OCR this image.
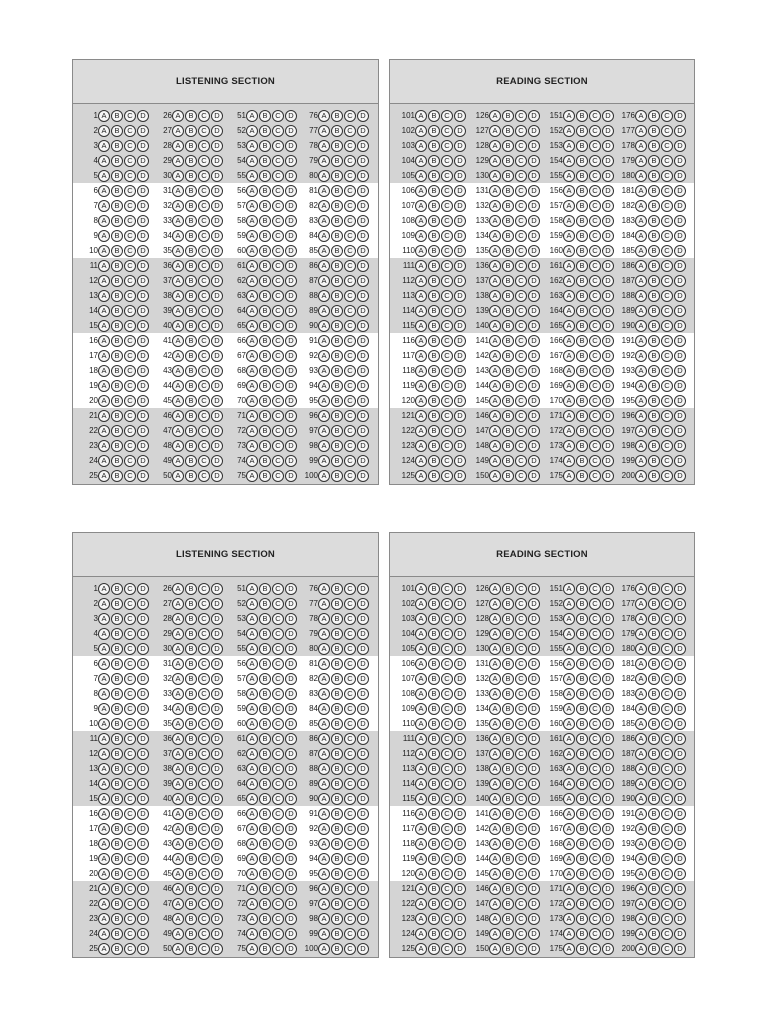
LISTENING SECTION
1 A	B	C	D
2 A	B	C	D
3 A	B	C	D
4 A	B	C	D
5 A	B	C	D
6 A	B	C	D
7 A	B	C	D
8 A	B	C	D
9 A	B	C	D
10 A	B	C	D
11 A	B	C	D
12 A	B	C	D
13 A	B	C	D
14 A	B	C	D
15 A	B	C	D
16 A	B	C	D
17 A	B	C	D
18 A	B	C	D
19 A	B	C	D
20 A	B	C	D
21 A	B	C	D
22 A	B	C	D
23 A	B	C	D
24 A	B	C	D
25 A	B	C	D
26 A	B	C	D
27 A	B	C	D
28 A	B	C	D
29 A	B	C	D
30 A	B	C	D
31 A	B	C	D
32 A	B	C	D
33 A	B	C	D
34 A	B	C	D
35 A	B	C	D
36 A	B	C	D
37 A	B	C	D
38 A	B	C	D
39 A	B	C	D
40 A	B	C	D
41 A	B	C	D
42 A	B	C	D
43 A	B	C	D
44 A	B	C	D
45 A	B	C	D
46 A	B	C	D
47 A	B	C	D
48 A	B	C	D
49 A	B	C	D
50 A	B	C	D
51 A	B	C	D
52 A	B	C	D
53 A	B	C	D
54 A	B	C	D
55 A	B	C	D
56 A	B	C	D
57 A	B	C	D
58 A	B	C	D
59 A	B	C	D
60 A	B	C	D
61 A	B	C	D
62 A	B	C	D
63 A	B	C	D
64 A	B	C	D
65 A	B	C	D
66 A	B	C	D
67 A	B	C	D
68 A	B	C	D
69 A	B	C	D
70 A	B	C	D
71 A	B	C	D
72 A	B	C	D
73 A	B	C	D
74 A	B	C	D
75 A	B	C	D
76 A	B	C	D
77 A	B	C	D
78 A	B	C	D
79 A	B	C	D
80 A	B	C	D
81 A	B	C	D
82 A	B	C	D
83 A	B	C	D
84 A	B	C	D
85 A	B	C	D
86 A	B	C	D
87 A	B	C	D
88 A	B	C	D
89 A	B	C	D
90 A	B	C	D
91 A	B	C	D
92 A	B	C	D
93 A	B	C	D
94 A	B	C	D
95 A	B	C	D
96 A	B	C	D
97 A	B	C	D
98 A	B	C	D
99 A	B	C	D
100 A	B	C	D
READING SECTION
101 A	B	C	D
102 A	B	C	D
103 A	B	C	D
104 A	B	C	D
105 A	B	C	D
106 A	B	C	D
107 A	B	C	D
108 A	B	C	D
109 A	B	C	D
110 A	B	C	D
111 A	B	C	D
112 A	B	C	D
113 A	B	C	D
114 A	B	C	D
115 A	B	C	D
116 A	B	C	D
117 A	B	C	D
118 A	B	C	D
119 A	B	C	D
120 A	B	C	D
121 A	B	C	D
122 A	B	C	D
123 A	B	C	D
124 A	B	C	D
125 A	B	C	D
126 A	B	C	D
127 A	B	C	D
128 A	B	C	D
129 A	B	C	D
130 A	B	C	D
131 A	B	C	D
132 A	B	C	D
133 A	B	C	D
134 A	B	C	D
135 A	B	C	D
136 A	B	C	D
137 A	B	C	D
138 A	B	C	D
139 A	B	C	D
140 A	B	C	D
141 A	B	C	D
142 A	B	C	D
143 A	B	C	D
144 A	B	C	D
145 A	B	C	D
146 A	B	C	D
147 A	B	C	D
148 A	B	C	D
149 A	B	C	D
150 A	B	C	D
151 A	B	C	D
152 A	B	C	D
153 A	B	C	D
154 A	B	C	D
155 A	B	C	D
156 A	B	C	D
157 A	B	C	D
158 A	B	C	D
159 A	B	C	D
160 A	B	C	D
161 A	B	C	D
162 A	B	C	D
163 A	B	C	D
164 A	B	C	D
165 A	B	C	D
166 A	B	C	D
167 A	B	C	D
168 A	B	C	D
169 A	B	C	D
170 A	B	C	D
171 A	B	C	D
172 A	B	C	D
173 A	B	C	D
174 A	B	C	D
175 A	B	C	D
176 A	B	C	D
177 A	B	C	D
178 A	B	C	D
179 A	B	C	D
180 A	B	C	D
181 A	B	C	D
182 A	B	C	D
183 A	B	C	D
184 A	B	C	D
185 A	B	C	D
186 A	B	C	D
187 A	B	C	D
188 A	B	C	D
189 A	B	C	D
190 A	B	C	D
191 A	B	C	D
192 A	B	C	D
193 A	B	C	D
194 A	B	C	D
195 A	B	C	D
196 A	B	C	D
197 A	B	C	D
198 A	B	C	D
199 A	B	C	D
200 A	B	C	D
LISTENING SECTION
1 A	B	C	D
2 A	B	C	D
3 A	B	C	D
4 A	B	C	D
5 A	B	C	D
6 A	B	C	D
7 A	B	C	D
8 A	B	C	D
9 A	B	C	D
10 A	B	C	D
11 A	B	C	D
12 A	B	C	D
13 A	B	C	D
14 A	B	C	D
15 A	B	C	D
16 A	B	C	D
17 A	B	C	D
18 A	B	C	D
19 A	B	C	D
20 A	B	C	D
21 A	B	C	D
22 A	B	C	D
23 A	B	C	D
24 A	B	C	D
25 A	B	C	D
26 A	B	C	D
27 A	B	C	D
28 A	B	C	D
29 A	B	C	D
30 A	B	C	D
31 A	B	C	D
32 A	B	C	D
33 A	B	C	D
34 A	B	C	D
35 A	B	C	D
36 A	B	C	D
37 A	B	C	D
38 A	B	C	D
39 A	B	C	D
40 A	B	C	D
41 A	B	C	D
42 A	B	C	D
43 A	B	C	D
44 A	B	C	D
45 A	B	C	D
46 A	B	C	D
47 A	B	C	D
48 A	B	C	D
49 A	B	C	D
50 A	B	C	D
51 A	B	C	D
52 A	B	C	D
53 A	B	C	D
54 A	B	C	D
55 A	B	C	D
56 A	B	C	D
57 A	B	C	D
58 A	B	C	D
59 A	B	C	D
60 A	B	C	D
61 A	B	C	D
62 A	B	C	D
63 A	B	C	D
64 A	B	C	D
65 A	B	C	D
66 A	B	C	D
67 A	B	C	D
68 A	B	C	D
69 A	B	C	D
70 A	B	C	D
71 A	B	C	D
72 A	B	C	D
73 A	B	C	D
74 A	B	C	D
75 A	B	C	D
76 A	B	C	D
77 A	B	C	D
78 A	B	C	D
79 A	B	C	D
80 A	B	C	D
81 A	B	C	D
82 A	B	C	D
83 A	B	C	D
84 A	B	C	D
85 A	B	C	D
86 A	B	C	D
87 A	B	C	D
88 A	B	C	D
89 A	B	C	D
90 A	B	C	D
91 A	B	C	D
92 A	B	C	D
93 A	B	C	D
94 A	B	C	D
95 A	B	C	D
96 A	B	C	D
97 A	B	C	D
98 A	B	C	D
99 A	B	C	D
100 A	B	C	D
READING SECTION
101 A	B	C	D
102 A	B	C	D
103 A	B	C	D
104 A	B	C	D
105 A	B	C	D
106 A	B	C	D
107 A	B	C	D
108 A	B	C	D
109 A	B	C	D
110 A	B	C	D
111 A	B	C	D
112 A	B	C	D
113 A	B	C	D
114 A	B	C	D
115 A	B	C	D
116 A	B	C	D
117 A	B	C	D
118 A	B	C	D
119 A	B	C	D
120 A	B	C	D
121 A	B	C	D
122 A	B	C	D
123 A	B	C	D
124 A	B	C	D
125 A	B	C	D
126 A	B	C	D
127 A	B	C	D
128 A	B	C	D
129 A	B	C	D
130 A	B	C	D
131 A	B	C	D
132 A	B	C	D
133 A	B	C	D
134 A	B	C	D
135 A	B	C	D
136 A	B	C	D
137 A	B	C	D
138 A	B	C	D
139 A	B	C	D
140 A	B	C	D
141 A	B	C	D
142 A	B	C	D
143 A	B	C	D
144 A	B	C	D
145 A	B	C	D
146 A	B	C	D
147 A	B	C	D
148 A	B	C	D
149 A	B	C	D
150 A	B	C	D
151 A	B	C	D
152 A	B	C	D
153 A	B	C	D
154 A	B	C	D
155 A	B	C	D
156 A	B	C	D
157 A	B	C	D
158 A	B	C	D
159 A	B	C	D
160 A	B	C	D
161 A	B	C	D
162 A	B	C	D
163 A	B	C	D
164 A	B	C	D
165 A	B	C	D
166 A	B	C	D
167 A	B	C	D
168 A	B	C	D
169 A	B	C	D
170 A	B	C	D
171 A	B	C	D
172 A	B	C	D
173 A	B	C	D
174 A	B	C	D
175 A	B	C	D
176 A	B	C	D
177 A	B	C	D
178 A	B	C	D
179 A	B	C	D
180 A	B	C	D
181 A	B	C	D
182 A	B	C	D
183 A	B	C	D
184 A	B	C	D
185 A	B	C	D
186 A	B	C	D
187 A	B	C	D
188 A	B	C	D
189 A	B	C	D
190 A	B	C	D
191 A	B	C	D
192 A	B	C	D
193 A	B	C	D
194 A	B	C	D
195 A	B	C	D
196 A	B	C	D
197 A	B	C	D
198 A	B	C	D
199 A	B	C	D
200 A	B	C	D
